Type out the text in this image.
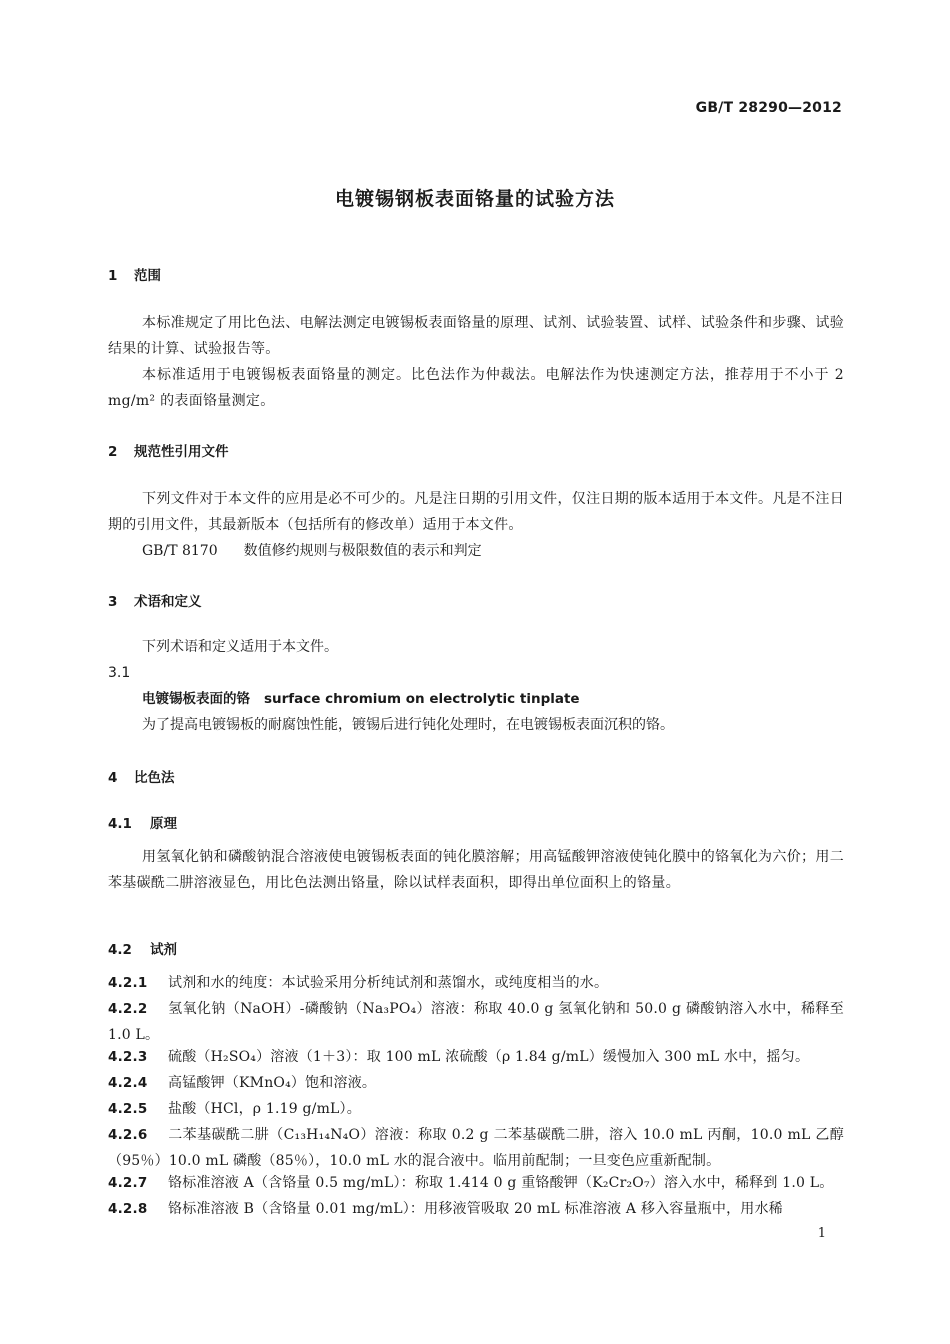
GB/T 28290—2012
电镀锡钢板表面铬量的试验方法
1 范围
本标准规定了用比色法、电解法测定电镀锡板表面铬量的原理、试剂、试验装置、试样、试验条件和步骤、试验结果的计算、试验报告等。
本标准适用于电镀锡板表面铬量的测定。比色法作为仲裁法。电解法作为快速测定方法，推荐用于不小于 2 mg/m² 的表面铬量测定。
2 规范性引用文件
下列文件对于本文件的应用是必不可少的。凡是注日期的引用文件，仅注日期的版本适用于本文件。凡是不注日期的引用文件，其最新版本（包括所有的修改单）适用于本文件。
GB/T 8170 数值修约规则与极限数值的表示和判定
3 术语和定义
下列术语和定义适用于本文件。
3.1
电镀锡板表面的铬 surface chromium on electrolytic tinplate
为了提高电镀锡板的耐腐蚀性能，镀锡后进行钝化处理时，在电镀锡板表面沉积的铬。
4 比色法
4.1 原理
用氢氧化钠和磷酸钠混合溶液使电镀锡板表面的钝化膜溶解；用高锰酸钾溶液使钝化膜中的铬氧化为六价；用二苯基碳酰二肼溶液显色，用比色法测出铬量，除以试样表面积，即得出单位面积上的铬量。
4.2 试剂
4.2.1 试剂和水的纯度：本试验采用分析纯试剂和蒸馏水，或纯度相当的水。
4.2.2 氢氧化钠（NaOH）-磷酸钠（Na₃PO₄）溶液：称取 40.0 g 氢氧化钠和 50.0 g 磷酸钠溶入水中，稀释至 1.0 L。
4.2.3 硫酸（H₂SO₄）溶液（1＋3）：取 100 mL 浓硫酸（ρ 1.84 g/mL）缓慢加入 300 mL 水中，摇匀。
4.2.4 高锰酸钾（KMnO₄）饱和溶液。
4.2.5 盐酸（HCl，ρ 1.19 g/mL）。
4.2.6 二苯基碳酰二肼（C₁₃H₁₄N₄O）溶液：称取 0.2 g 二苯基碳酰二肼，溶入 10.0 mL 丙酮，10.0 mL 乙醇（95％）10.0 mL 磷酸（85％），10.0 mL 水的混合液中。临用前配制；一旦变色应重新配制。
4.2.7 铬标准溶液 A（含铬量 0.5 mg/mL）：称取 1.414 0 g 重铬酸钾（K₂Cr₂O₇）溶入水中，稀释到 1.0 L。
4.2.8 铬标准溶液 B（含铬量 0.01 mg/mL）：用移液管吸取 20 mL 标准溶液 A 移入容量瓶中，用水稀
1
